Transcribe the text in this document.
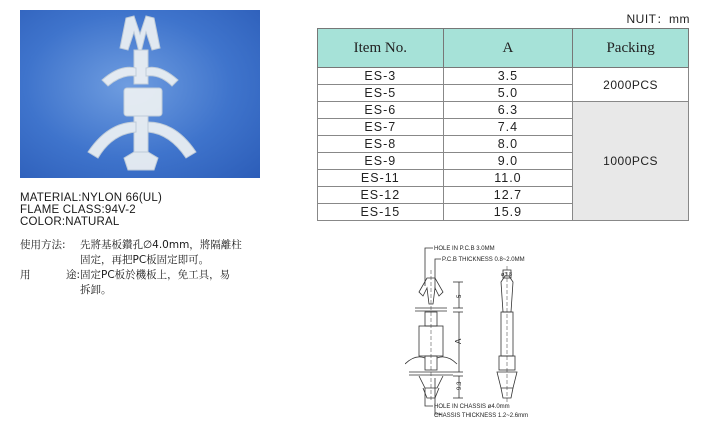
MATERIAL:NYLON 66(UL)
FLAME CLASS:94V-2
COLOR:NATURAL
使用方法:	先將基板鑽孔∅4.0mm，將隔離柱
固定，再把PC板固定即可。
用	途: 固定PC板於機板上，免工具，易
拆卸。
NUIT：mm
Item No.	A	Packing
ES-3	3.5	2000PCS
ES-5	5.0	
ES-6	6.3	1000PCS
ES-7	7.4	
ES-8	8.0	
ES-9	9.0	
ES-11	11.0	
ES-12	12.7	
ES-15	15.9	
HOLE IN P.C.B 3.0MM
P.C.B THICKNESS 0.8~2.0MM
ø3.8
5
A
9.3
HOLE IN CHASSIS ø4.0mm
CHASSIS THICKNESS 1.2~2.6mm
